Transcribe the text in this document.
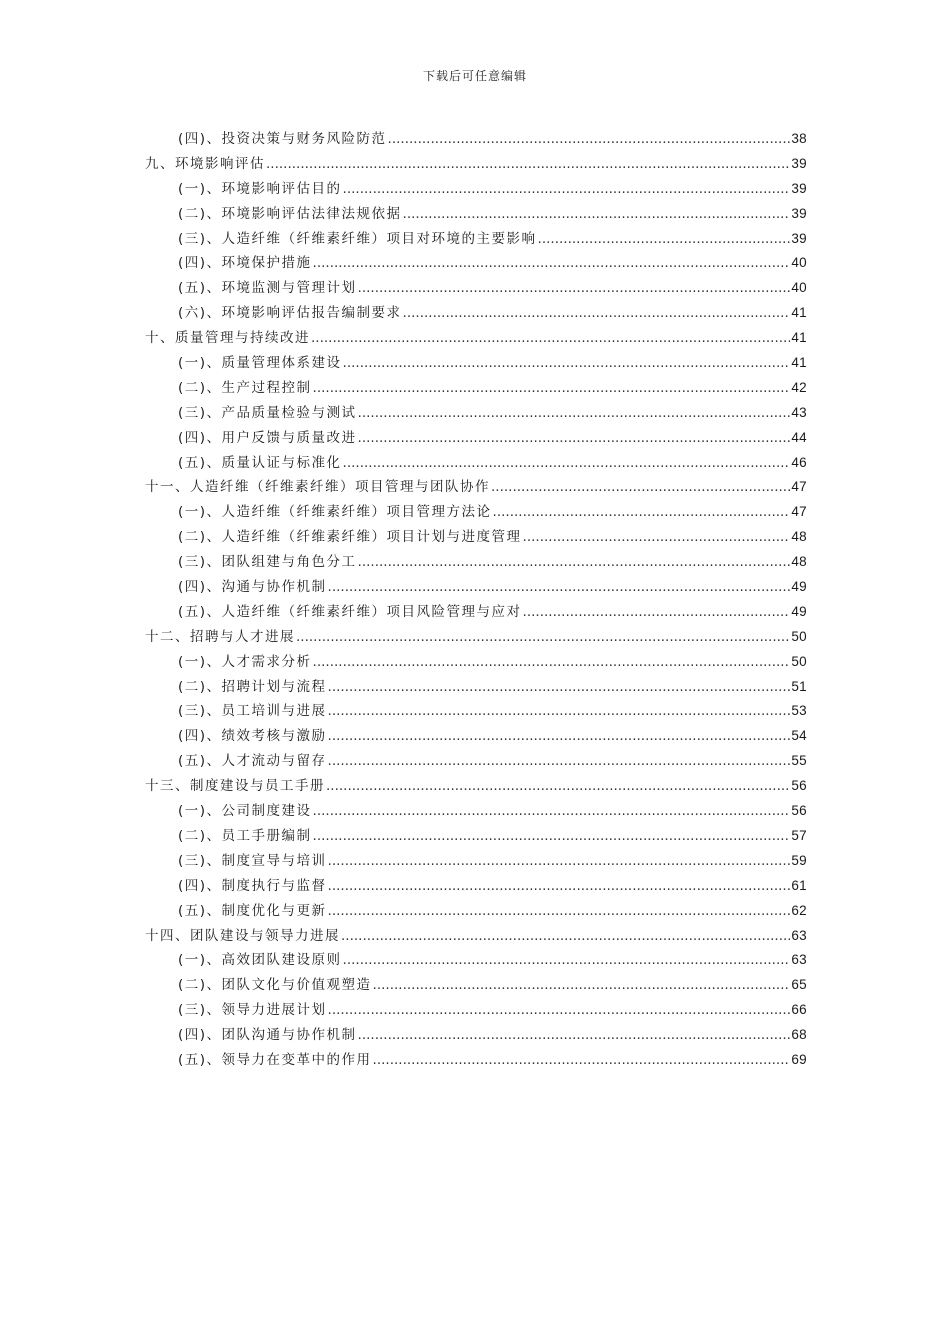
下载后可任意编辑
(四)、投资决策与财务风险防范 .....	38
九、环境影响评估 .....	39
(一)、环境影响评估目的 .....	39
(二)、环境影响评估法律法规依据 .....	39
(三)、人造纤维（纤维素纤维）项目对环境的主要影响 .....	39
(四)、环境保护措施 .....	40
(五)、环境监测与管理计划 .....	40
(六)、环境影响评估报告编制要求 .....	41
十、质量管理与持续改进 .....	41
(一)、质量管理体系建设 .....	41
(二)、生产过程控制 .....	42
(三)、产品质量检验与测试 .....	43
(四)、用户反馈与质量改进 .....	44
(五)、质量认证与标准化 .....	46
十一、人造纤维（纤维素纤维）项目管理与团队协作 .....	47
(一)、人造纤维（纤维素纤维）项目管理方法论 .....	47
(二)、人造纤维（纤维素纤维）项目计划与进度管理 .....	48
(三)、团队组建与角色分工 .....	48
(四)、沟通与协作机制 .....	49
(五)、人造纤维（纤维素纤维）项目风险管理与应对 .....	49
十二、招聘与人才进展 .....	50
(一)、人才需求分析 .....	50
(二)、招聘计划与流程 .....	51
(三)、员工培训与进展 .....	53
(四)、绩效考核与激励 .....	54
(五)、人才流动与留存 .....	55
十三、制度建设与员工手册 .....	56
(一)、公司制度建设 .....	56
(二)、员工手册编制 .....	57
(三)、制度宣导与培训 .....	59
(四)、制度执行与监督 .....	61
(五)、制度优化与更新 .....	62
十四、团队建设与领导力进展 .....	63
(一)、高效团队建设原则 .....	63
(二)、团队文化与价值观塑造 .....	65
(三)、领导力进展计划 .....	66
(四)、团队沟通与协作机制 .....	68
(五)、领导力在变革中的作用 .....	69
